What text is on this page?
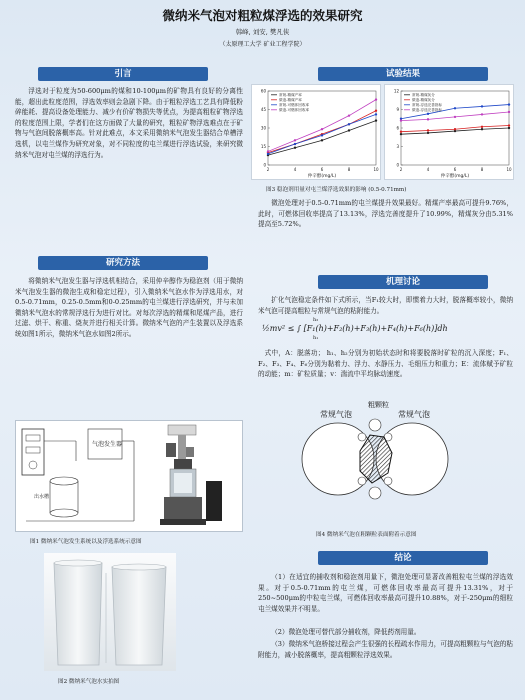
微纳米气泡对粗粒煤浮选的效果研究
韩峰, 刘安, 樊凡侠
（太原理工大学 矿业工程学院）
引言
浮选对于粒度为50-600μm的煤和10-100μm的矿物具有良好的分离性能，超出此粒度范围，浮选效率则会急剧下降。由于粗粒浮选工艺具有降低粉碎能耗、提高设备处理能力、减少有价矿物损失等优点，为提高粗粒矿物浮选的粒度范围上限，学者们在这方面做了大量的研究，粗粒矿物浮选难点在于矿物与气泡间脱落概率高。针对此难点，本文采用微纳米气泡发生器结合单槽浮选机，以屯兰煤作为研究对象，对不同粒度的屯兰煤进行浮选试验，来研究微纳米气泡对屯兰煤的浮选行为。
研究方法
将微纳米气泡发生器与浮选机相结合，采用仲辛醇作为稳泡剂（用于微纳米气泡发生器的微泡生成和稳定过程），引入微纳米气泡水作为浮选用水，对0.5-0.71mm，0.25-0.5mm和0-0.25mm的屯兰煤进行浮选研究，并与未加微纳米气泡水的常规浮选行为进行对比。对每次浮选的精煤和尾煤产品，进行过滤、烘干、称重、烧灰并进行相关计算。微纳米气泡的产生装置以及浮选系统如图1所示，微纳米气泡水如图2所示。
气泡发生器
出水槽
图1 微纳米气泡发生系统以及浮选系统示意图
图2 微纳米气泡水实拍图
试验结果
0
15
30
45
60
2	4	6	8	10
仲辛醇(mg/L)
常规-精煤产率
微泡-精煤产率
常规-可燃体回收率
微泡-可燃体回收率
0
3
6
9
12
2	4	6	8	10
仲辛醇(mg/L)
常规-精煤灰分
微泡-精煤灰分
常规-浮选完善指标
微泡-浮选完善指标
图3 稳泡剂用量对屯兰煤浮选效果的影响 (0.5-0.71mm)
微泡处理对于0.5-0.71mm的屯兰煤提升效果最好。精煤产率最高可提升9.76%，此时，可燃体回收率提高了13.13%，浮选完善度提升了10.99%，精煤灰分由5.31%提高至5.72%。
机理讨论
扩化气泡稳定条件如下式所示，当F₁较大时，即惯着力大时，脱落概率较小，微纳米气泡可提高粗粒与常规气泡的粘附能力。
½mv² ≤ ∫ [F₁(h)+F₂(h)+F₃(h)+F₄(h)+F₆(h)]dh
h₂
h₁
式中，A：脱落功； h₁、h₂分别为初始状态时和将要脱落时矿粒的沉入深度；F₁、F₂、F₃、F₄、F₆分别为黏着力、浮力、水静压力、毛细压力和重力；E：流体赋予矿粒的动能；m：矿粒质量；v：湍流中平均脉动速度。
常规气泡
粗颗粒
常规气泡
图4 微纳米气泡在粗颗粒表面附着示意图
结论
（1）在适宜的捕收剂和稳泡剂用量下，微泡处理可显著改善粗粒屯兰煤的浮选效果。对于0.5-0.71mm的屯兰煤，可燃体回收率最高可提升13.31%，对于250~500μm的中粒屯兰煤，可燃体回收率最高可提升10.88%，对于-250μm的细粒屯兰煤效果并不明显。
（2）微泡处理可替代部分捕收剂，降低药剂用量。
（3）微纳米气泡桥接过程会产生很强的长程疏水作用力，可提高粗颗粒与气泡的粘附能力，减小脱落概率，提高粗颗粒浮选效果。
